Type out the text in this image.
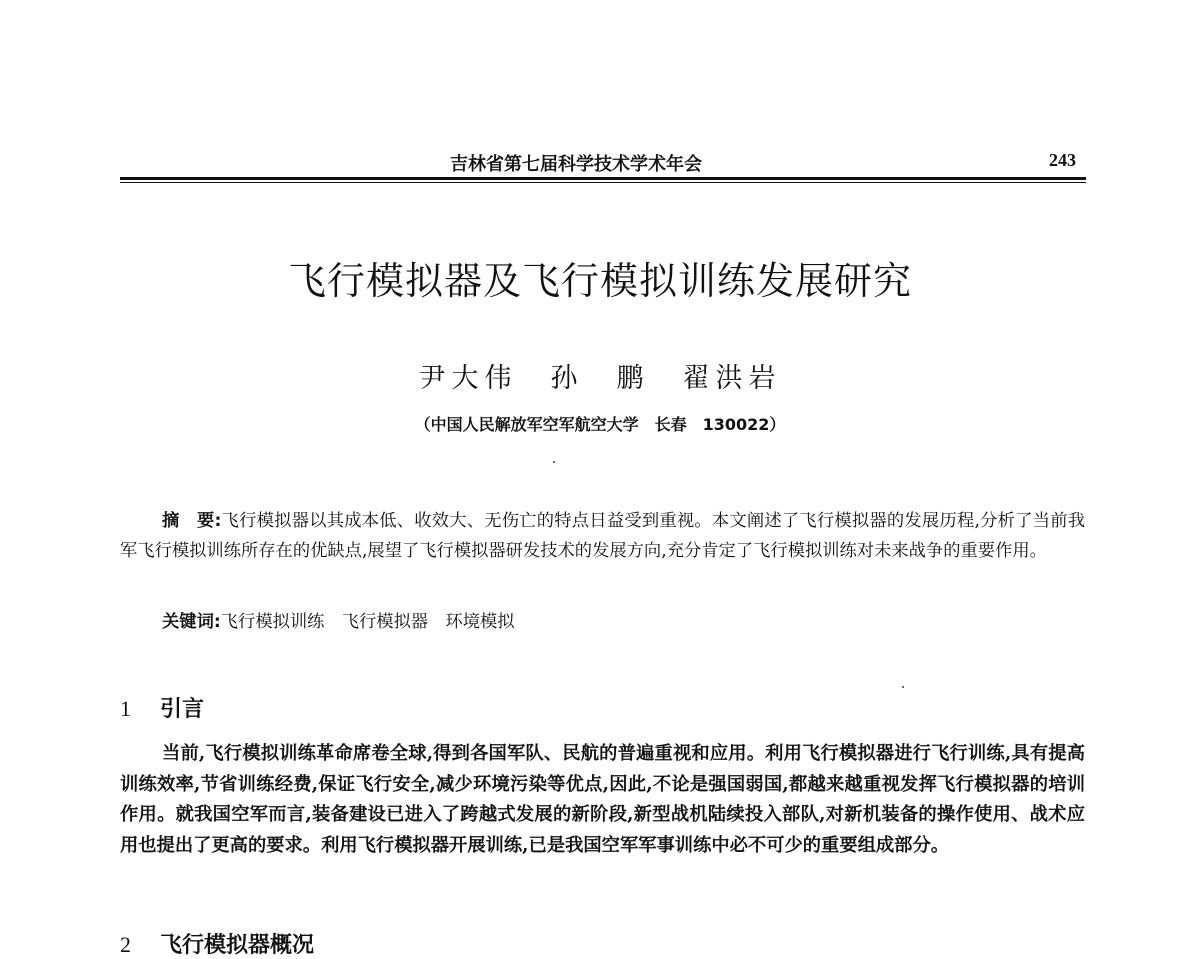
吉林省第七届科学技术学术年会	243
飞行模拟器及飞行模拟训练发展研究
尹大伟　孙　鹏　翟洪岩
（中国人民解放军空军航空大学　长春　130022）

摘　要:飞行模拟器以其成本低、收效大、无伤亡的特点日益受到重视。本文阐述了飞行模拟器的发展历程,分析了当前我军飞行模拟训练所存在的优缺点,展望了飞行模拟器研发技术的发展方向,充分肯定了飞行模拟训练对未来战争的重要作用。

关键词:飞行模拟训练　飞行模拟器　环境模拟

1 引言

当前,飞行模拟训练革命席卷全球,得到各国军队、民航的普遍重视和应用。利用飞行模拟器进行飞行训练,具有提高训练效率,节省训练经费,保证飞行安全,减少环境污染等优点,因此,不论是强国弱国,都越来越重视发挥飞行模拟器的培训作用。就我国空军而言,装备建设已进入了跨越式发展的新阶段,新型战机陆续投入部队,对新机装备的操作使用、战术应用也提出了更高的要求。利用飞行模拟器开展训练,已是我国空军军事训练中必不可少的重要组成部分。

2 飞行模拟器概况
